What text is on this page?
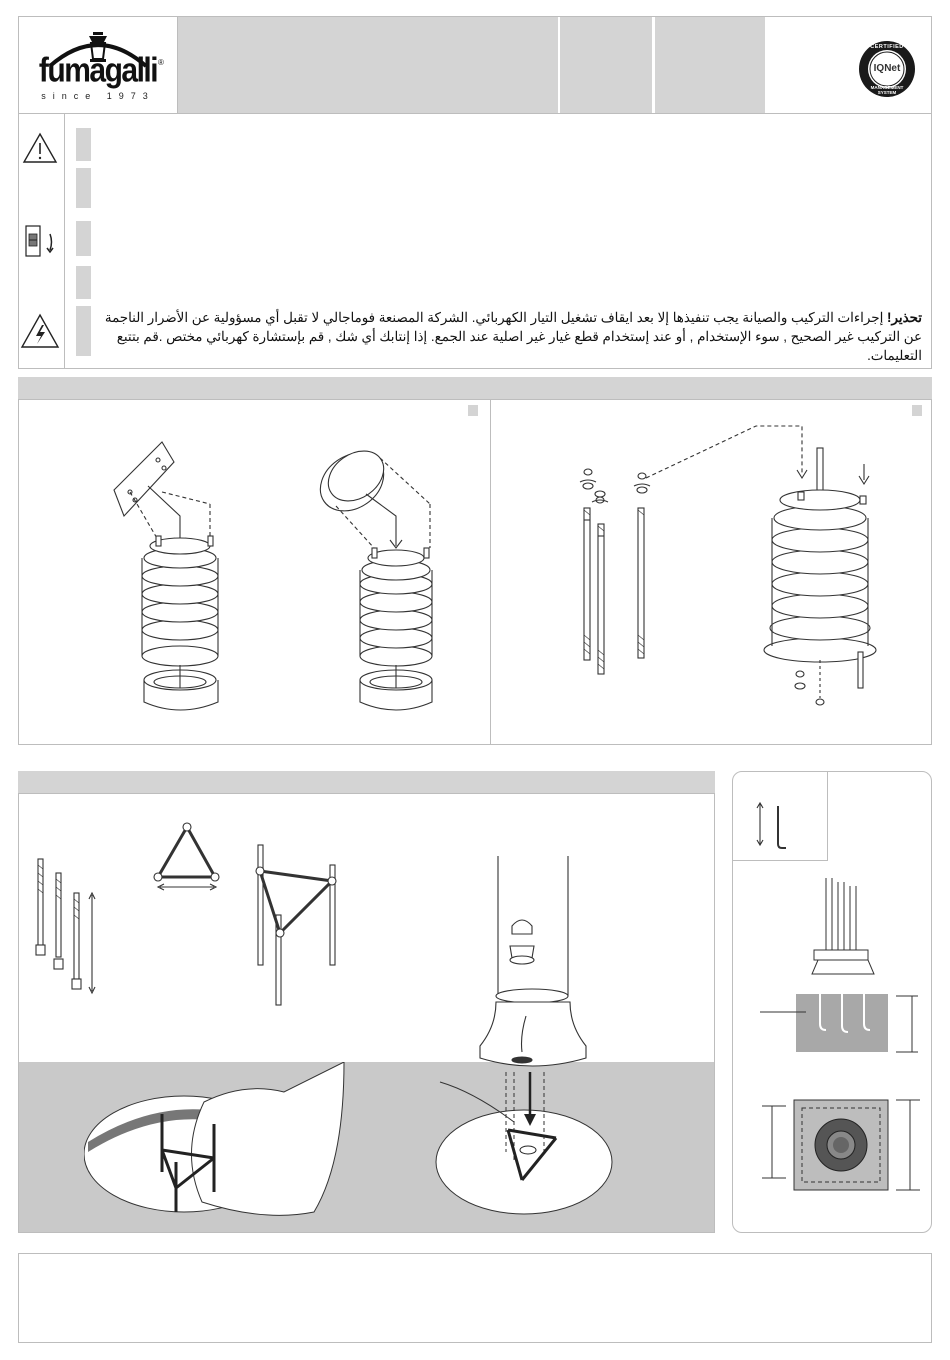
fumagalli ®
since 1973
CERTIFIED
IQNet
MANAGEMENT SYSTEM
تحذير! إجراءات التركيب والصيانة يجب تنفيذها إلا بعد ايقاف تشغيل التيار الكهربائي. الشركة المصنعة فوماجالي لا تقبل أي مسؤولية عن الأضرار الناجمة عن التركيب غير الصحيح , سوء الإستخدام , أو عند إستخدام قطع غيار غير اصلية عند الجمع. إذا إنتابك أي شك , قم بإستشارة كهربائي مختص .قم بتتبع التعليمات.
